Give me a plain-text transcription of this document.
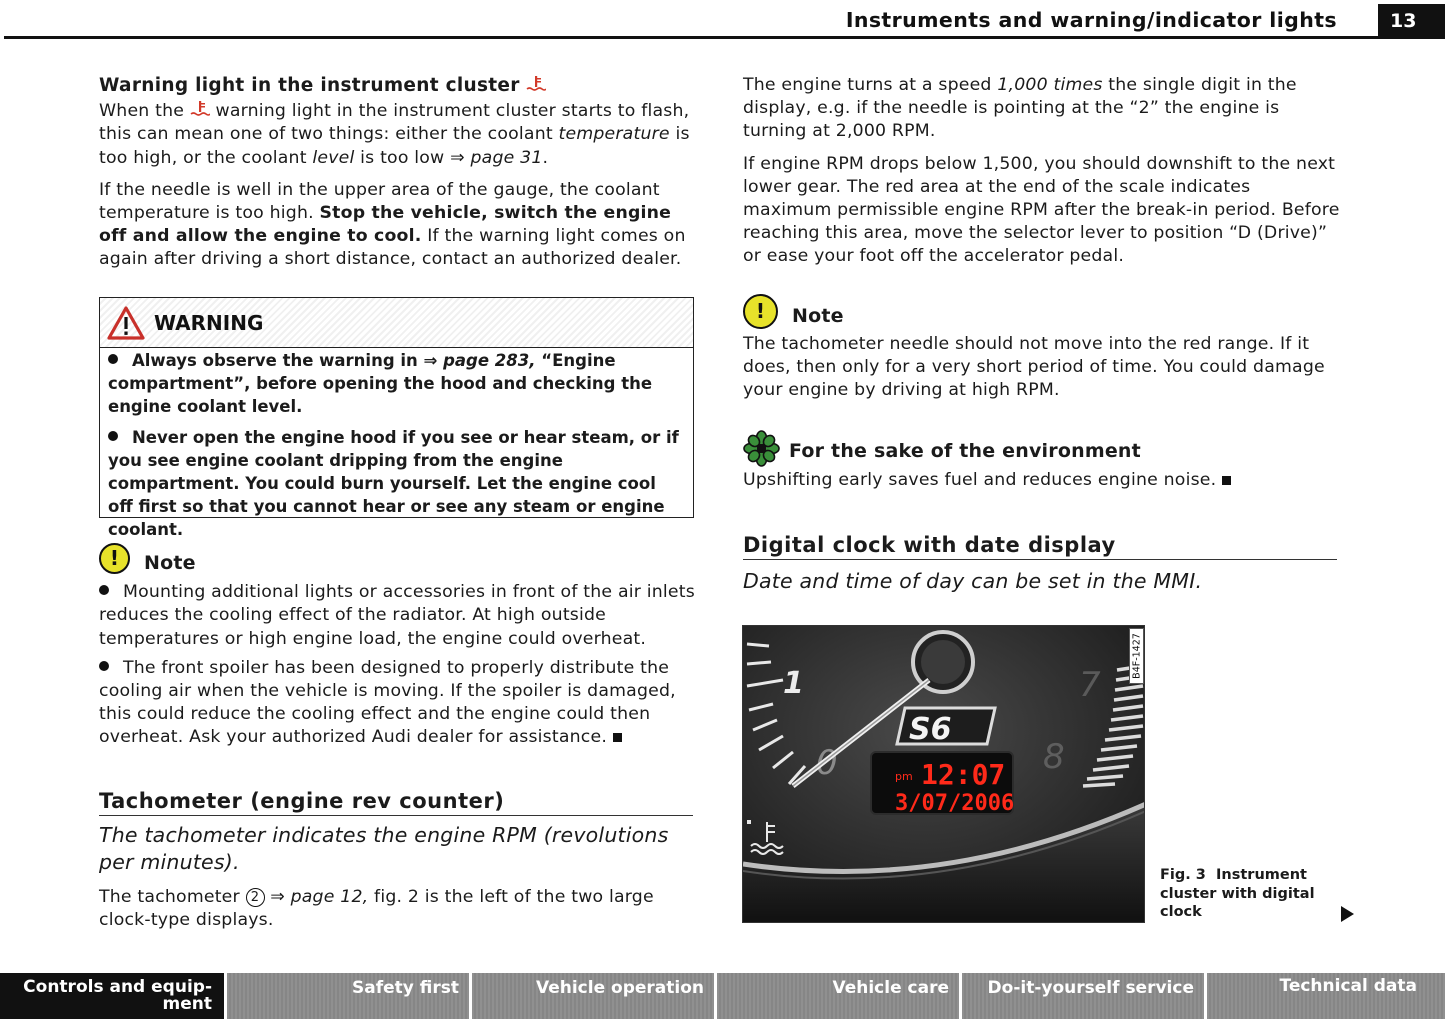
Instruments and warning/indicator lights	13
Warning light in the instrument cluster

When the warning light in the instrument cluster starts to flash, this can mean one of two things: either the coolant temperature is too high, or the coolant level is too low ⇒ page 31.

If the needle is well in the upper area of the gauge, the coolant temperature is too high. Stop the vehicle, switch the engine off and allow the engine to cool. If the warning light comes on again after driving a short distance, contact an authorized dealer.

WARNING

Always observe the warning in ⇒ page 283, “Engine compartment”, before opening the hood and checking the engine coolant level.

Never open the engine hood if you see or hear steam, or if you see engine coolant dripping from the engine compartment. You could burn yourself. Let the engine cool off first so that you cannot hear or see any steam or engine coolant.

!	Note

Mounting additional lights or accessories in front of the air inlets reduces the cooling effect of the radiator. At high outside temperatures or high engine load, the engine could overheat.

The front spoiler has been designed to properly distribute the cooling air when the vehicle is moving. If the spoiler is damaged, this could reduce the cooling effect and the engine could then overheat. Ask your authorized Audi dealer for assistance.

Tachometer (engine rev counter)

The tachometer indicates the engine RPM (revolutions per minutes).

The tachometer 2 ⇒ page 12, fig. 2 is the left of the two large clock-type displays.

The engine turns at a speed 1,000 times the single digit in the display, e.g. if the needle is pointing at the “2” the engine is turning at 2,000 RPM.

If engine RPM drops below 1,500, you should downshift to the next lower gear. The red area at the end of the scale indicates maximum permissible engine RPM after the break-in period. Before reaching this area, move the selector lever to position “D (Drive)” or ease your foot off the accelerator pedal.

!	Note

The tachometer needle should not move into the red range. If it does, then only for a very short period of time. You could damage your engine by driving at high RPM.

For the sake of the environment

Upshifting early saves fuel and reduces engine noise.

Digital clock with date display

Date and time of day can be set in the MMI.

1
0
S6
pm 12:07
3/07/2006
7
8
B4F-1427
Fig. 3 Instrument cluster with digital clock
Controls and equip-ment
Safety first	Vehicle operation	Vehicle care	Do-it-yourself service	Technical data
